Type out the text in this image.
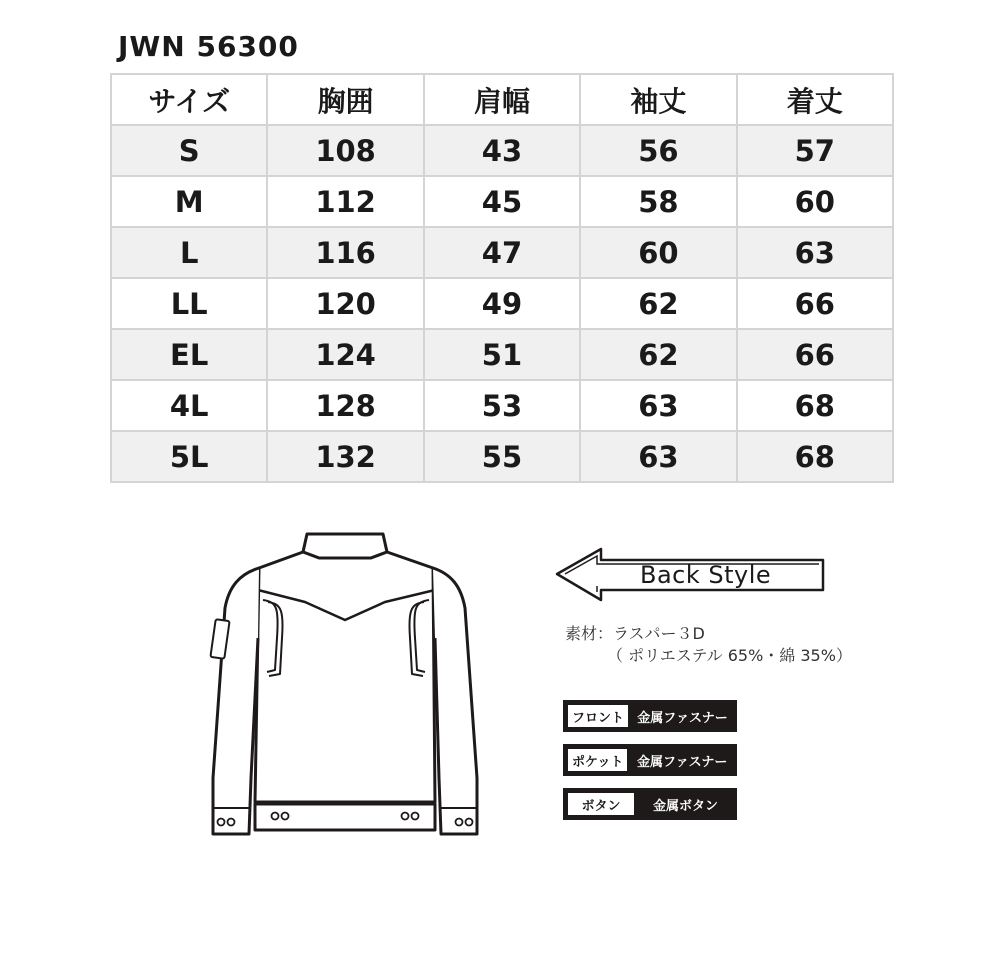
JWN 56300
サイズ	胸囲	肩幅	袖丈	着丈
S	108	43	56	57
M	112	45	58	60
L	116	47	60	63
LL	120	49	62	66
EL	124	51	62	66
4L	128	53	63	68
5L	132	55	63	68
Back Style
素材：ラスパー３D
（ ポリエステル 65%・綿 35%）
フロント	金属ファスナー
ポケット	金属ファスナー
ボタン	金属ボタン
